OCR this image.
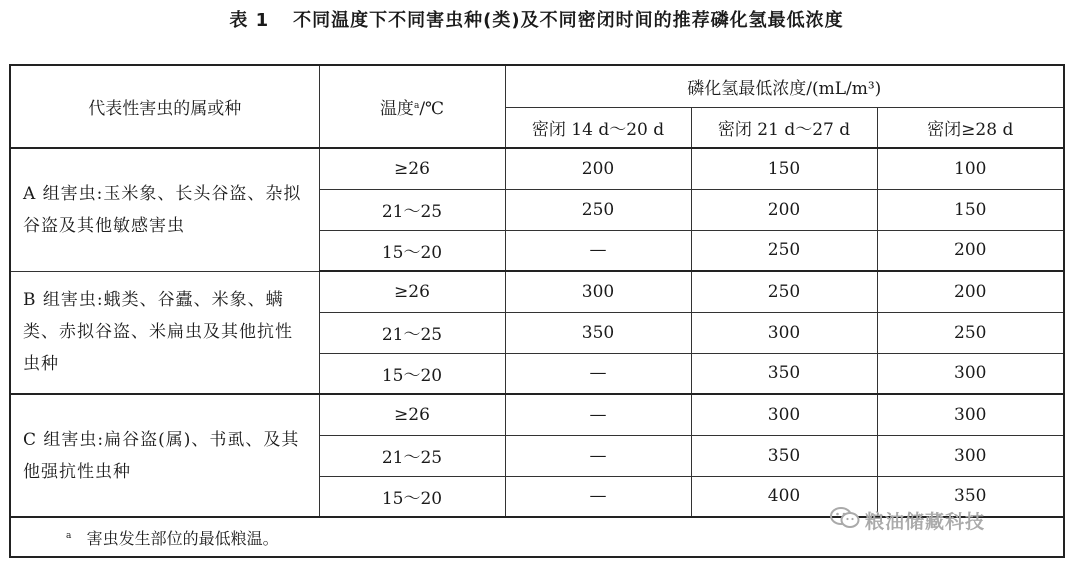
表 1 不同温度下不同害虫种(类)及不同密闭时间的推荐磷化氢最低浓度
代表性害虫的属或种	温度$^a$/℃	磷化氢最低浓度/(mL/m³)		
		密闭 14 d～20 d	密闭 21 d～27 d	密闭≥28 d
A 组害虫:玉米象、长头谷盗、杂拟谷盗及其他敏感害虫	≥26	200	150	100
	21～25	250	200	150
	15～20	—	250	200
B 组害虫:蛾类、谷蠹、米象、螨类、赤拟谷盗、米扁虫及其他抗性虫种	≥26	300	250	200
	21～25	350	300	250
	15～20	—	350	300
C 组害虫:扁谷盗(属)、书虱、及其他强抗性虫种	≥26	—	300	300
	21～25	—	350	300
	15～20	—	400	350
$^a$ 害虫发生部位的最低粮温。				
粮油储藏科技
